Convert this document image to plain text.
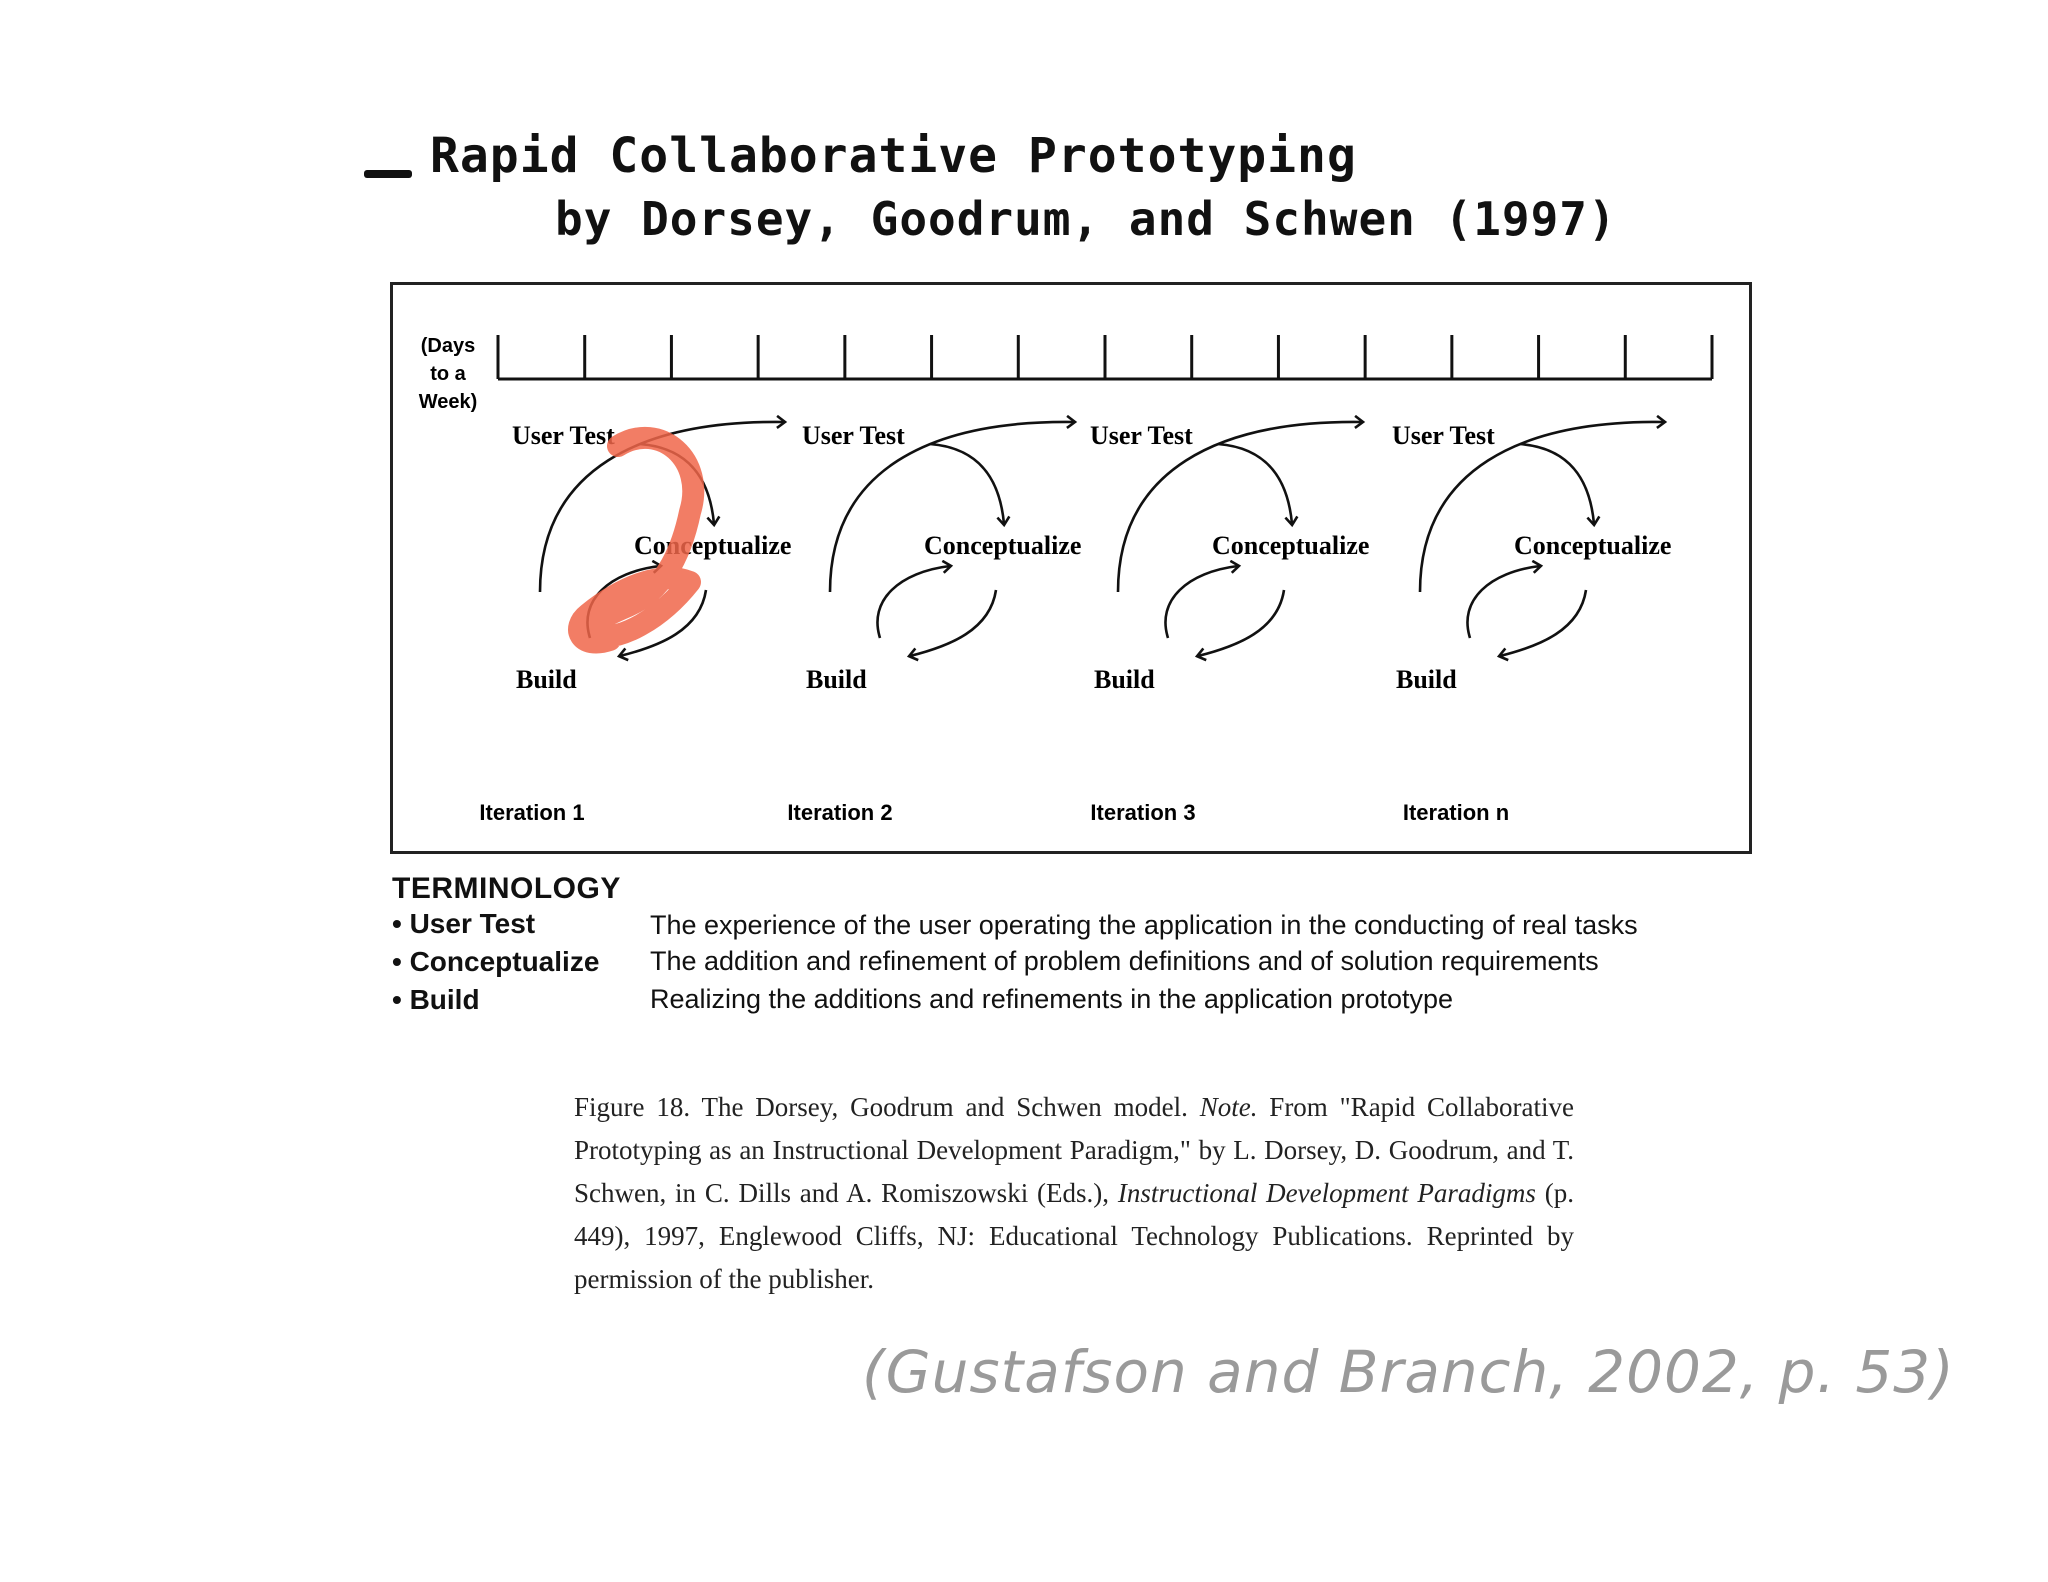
Rapid Collaborative Prototyping
by Dorsey, Goodrum, and Schwen (1997)
(Days
to a
Week)
User Test
Conceptualize
Build
Iteration 1
User Test
Conceptualize
Build
Iteration 2
User Test
Conceptualize
Build
Iteration 3
User Test
Conceptualize
Build
Iteration n
TERMINOLOGY
• User Test	The experience of the user operating the application in the conducting of real tasks
• Conceptualize The addition and refinement of problem definitions and of solution requirements
• Build	Realizing the additions and refinements in the application prototype
Figure 18. The Dorsey, Goodrum and Schwen model. Note. From "Rapid Collaborative Prototyping as an Instructional Development Paradigm," by L. Dorsey, D. Goodrum, and T. Schwen, in C. Dills and A. Romiszowski (Eds.), Instructional Development Paradigms (p. 449), 1997, Englewood Cliffs, NJ: Educational Technology Publications. Reprinted by permission of the publisher.
(Gustafson and Branch, 2002, p. 53)
